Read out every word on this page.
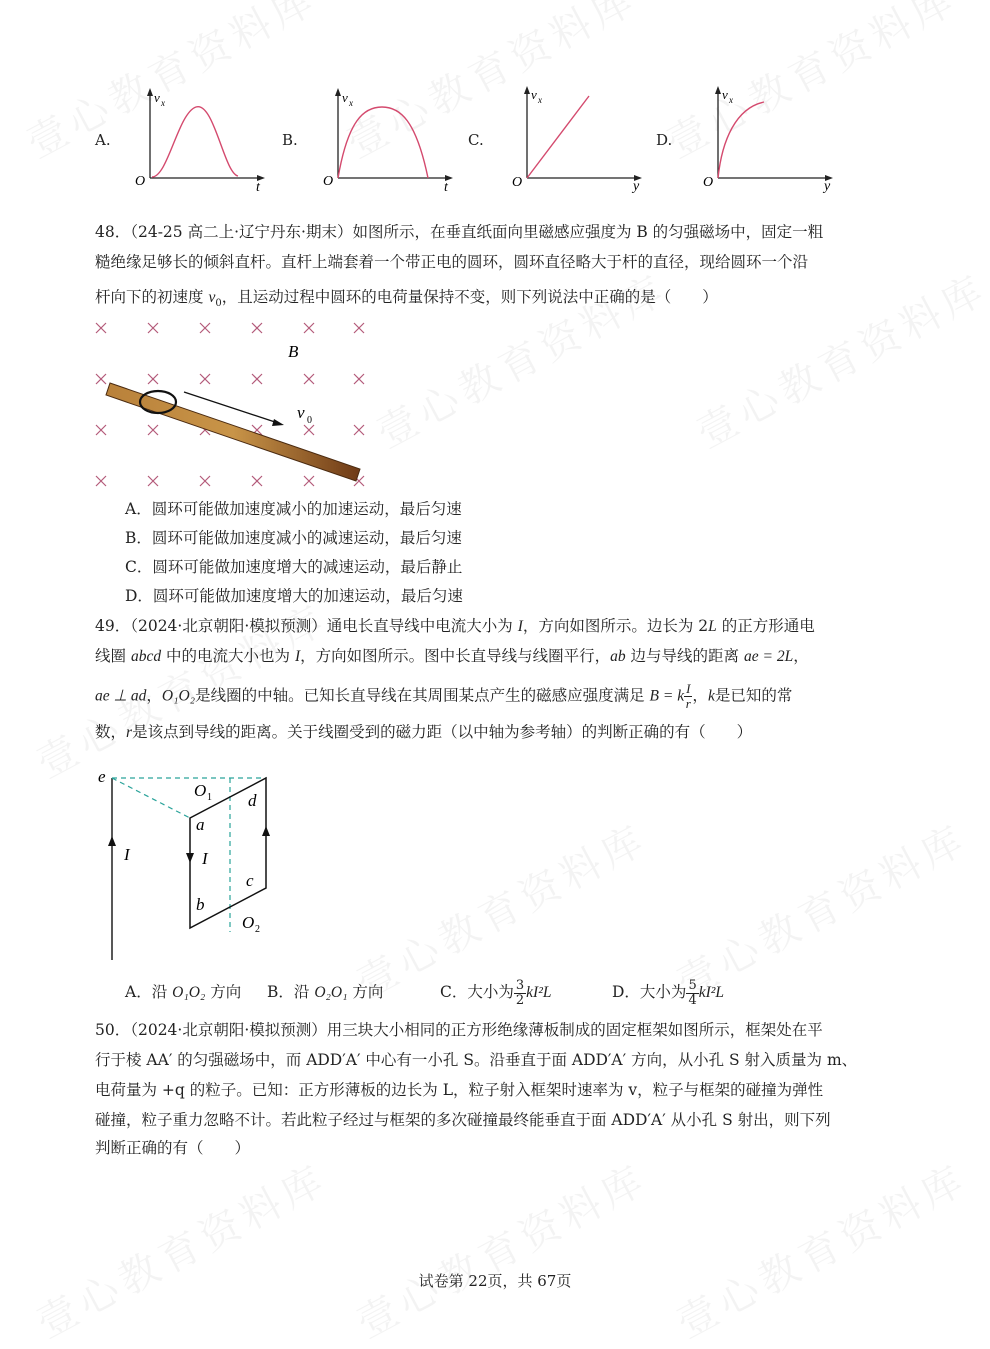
A.	B.	C.	D.
v x
O	t
v x
O	t
v x
O	y
v x
O	y
48．（24-25 高二上·辽宁丹东·期末）如图所示，在垂直纸面向里磁感应强度为 B 的匀强磁场中，固定一粗
糙绝缘足够长的倾斜直杆。直杆上端套着一个带正电的圆环，圆环直径略大于杆的直径，现给圆环一个沿
杆向下的初速度 $v_0$，且运动过程中圆环的电荷量保持不变，则下列说法中正确的是（　　）
B
v 0
A．圆环可能做加速度减小的加速运动，最后匀速
B．圆环可能做加速度减小的减速运动，最后匀速
C．圆环可能做加速度增大的减速运动，最后静止
D．圆环可能做加速度增大的加速运动，最后匀速
49．（2024·北京朝阳·模拟预测）通电长直导线中电流大小为 I，方向如图所示。边长为 2L 的正方形通电
线圈 abcd 中的电流大小也为 I，方向如图所示。图中长直导线与线圈平行，ab 边与导线的距离 ae = 2L，
ae ⊥ ad，O₁O₂是线圈的中轴。已知长直导线在其周围某点产生的磁感应强度满足 B = k $\frac{I}{r}$ ，k是已知的常
数，r是该点到导线的距离。关于线圈受到的磁力距（以中轴为参考轴）的判断正确的有（　　）
e
O 1 d
a
I	I
c
b
O 2
A．沿 O₁O₂ 方向 B．沿 O₂O₁ 方向	C．大小为 $\frac{3}{2} kI^2L$	D．大小为 $\frac{5}{4} kI^2L$
50．（2024·北京朝阳·模拟预测）用三块大小相同的正方形绝缘薄板制成的固定框架如图所示，框架处在平
行于棱 AA′ 的匀强磁场中，而 ADD′A′ 中心有一小孔 S。沿垂直于面 ADD′A′ 方向，从小孔 S 射入质量为 m、
电荷量为 +q 的粒子。已知：正方形薄板的边长为 L，粒子射入框架时速率为 v，粒子与框架的碰撞为弹性
碰撞，粒子重力忽略不计。若此粒子经过与框架的多次碰撞最终能垂直于面 ADD′A′ 从小孔 S 射出，则下列
判断正确的有（　　）
试卷第 22页，共 67页
